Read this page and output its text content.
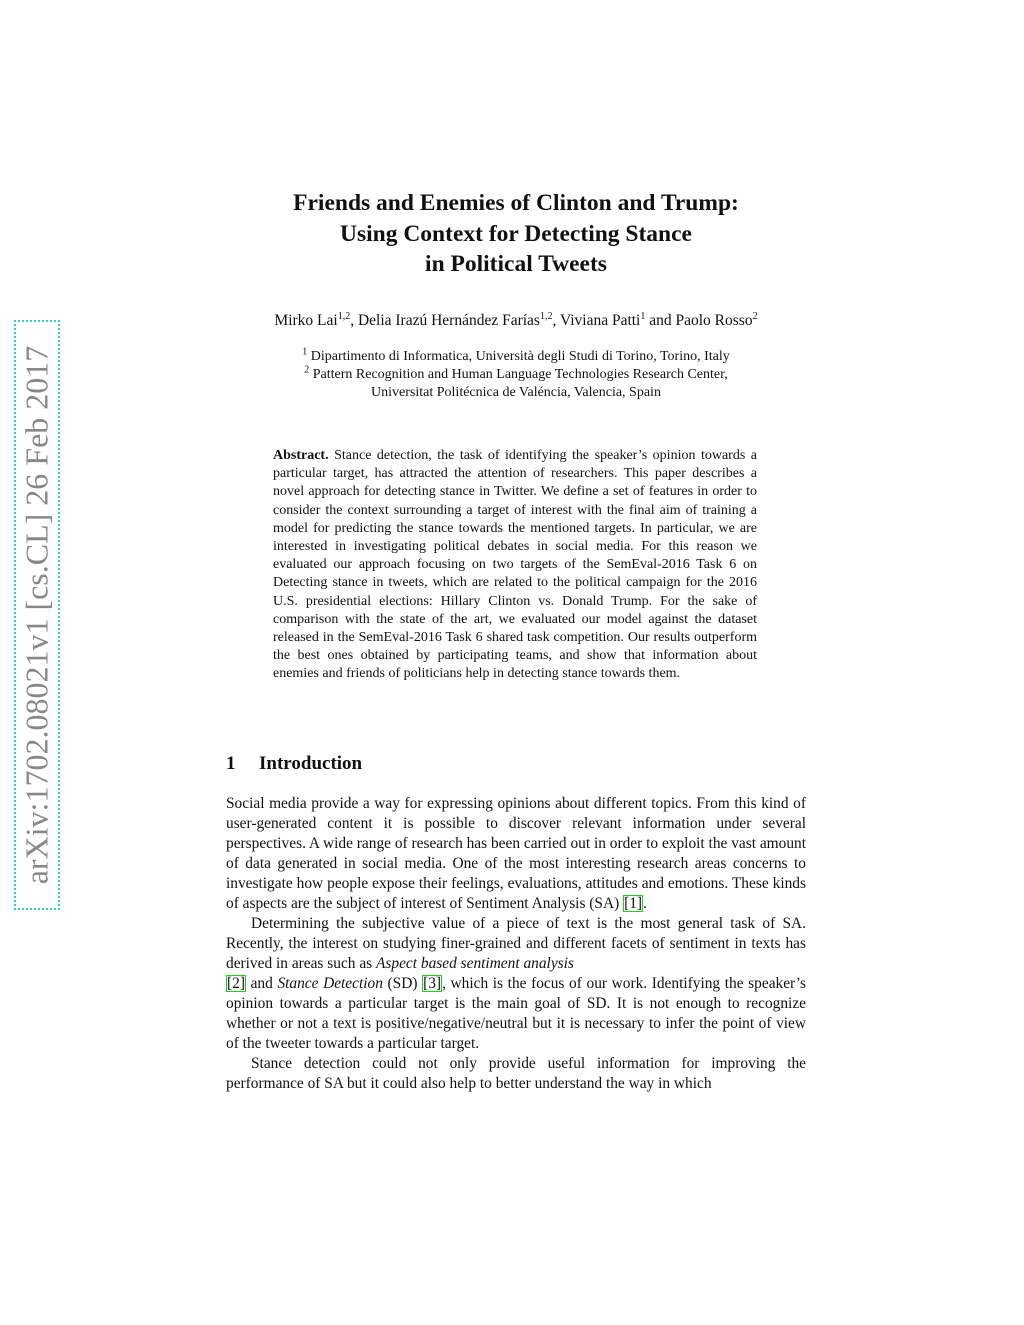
arXiv:1702.08021v1 [cs.CL] 26 Feb 2017
Friends and Enemies of Clinton and Trump:
Using Context for Detecting Stance
in Political Tweets
Mirko Lai$^{1,2}$, Delia Irazú Hernández Farías$^{1,2}$, Viviana Patti$^1$ and Paolo Rosso$^2$
$^1$ Dipartimento di Informatica, Università degli Studi di Torino, Torino, Italy
$^2$ Pattern Recognition and Human Language Technologies Research Center,
Universitat Politécnica de Valéncia, Valencia, Spain
Abstract. Stance detection, the task of identifying the speaker’s opinion towards a particular target, has attracted the attention of researchers. This paper describes a novel approach for detecting stance in Twitter. We define a set of features in order to consider the context surrounding a target of interest with the final aim of training a model for predicting the stance towards the mentioned targets. In particular, we are interested in investigating political debates in social media. For this reason we evaluated our approach focusing on two targets of the SemEval-2016 Task 6 on Detecting stance in tweets, which are related to the political campaign for the 2016 U.S. presidential elections: Hillary Clinton vs. Donald Trump. For the sake of comparison with the state of the art, we evaluated our model against the dataset released in the SemEval-2016 Task 6 shared task competition. Our results outperform the best ones obtained by participating teams, and show that information about enemies and friends of politicians help in detecting stance towards them.
1 Introduction

Social media provide a way for expressing opinions about different topics. From this kind of user-generated content it is possible to discover relevant information under several perspectives. A wide range of research has been carried out in order to exploit the vast amount of data generated in social media. One of the most interesting research areas concerns to investigate how people expose their feelings, evaluations, attitudes and emotions. These kinds of aspects are the subject of interest of Sentiment Analysis (SA) [1].

Determining the subjective value of a piece of text is the most general task of SA. Recently, the interest on studying finer-grained and different facets of sentiment in texts has derived in areas such as Aspect based sentiment analysis
[2] and Stance Detection (SD) [3], which is the focus of our work. Identifying the speaker’s opinion towards a particular target is the main goal of SD. It is not enough to recognize whether or not a text is positive/negative/neutral but it is necessary to infer the point of view of the tweeter towards a particular target.

Stance detection could not only provide useful information for improving the performance of SA but it could also help to better understand the way in which
